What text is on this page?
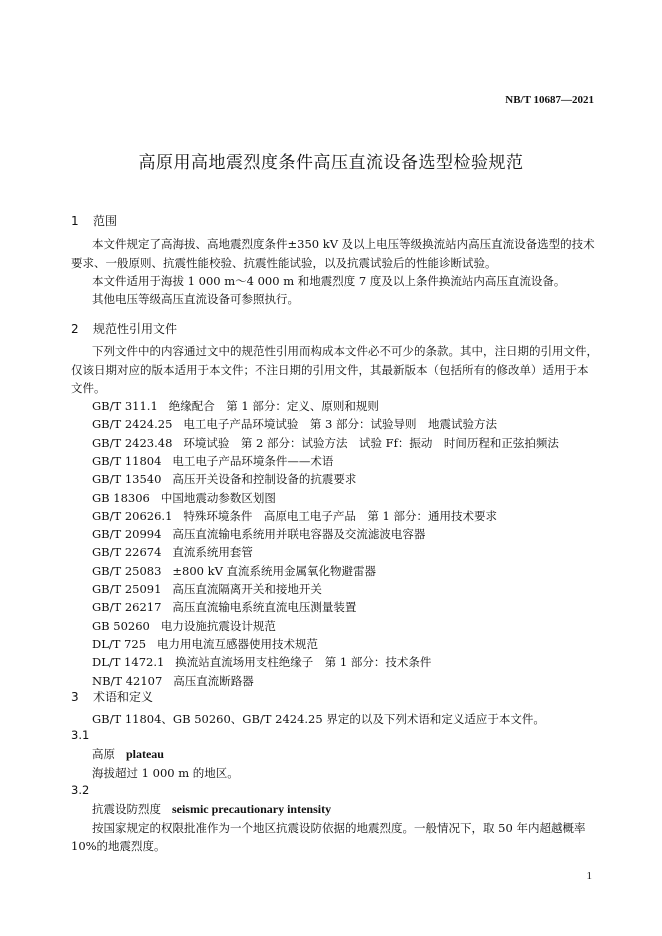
NB/T 10687—2021
高原用高地震烈度条件高压直流设备选型检验规范
1 范围
本文件规定了高海拔、高地震烈度条件±350 kV 及以上电压等级换流站内高压直流设备选型的技术
要求、一般原则、抗震性能校验、抗震性能试验，以及抗震试验后的性能诊断试验。
本文件适用于海拔 1 000 m～4 000 m 和地震烈度 7 度及以上条件换流站内高压直流设备。
其他电压等级高压直流设备可参照执行。
2 规范性引用文件
下列文件中的内容通过文中的规范性引用而构成本文件必不可少的条款。其中，注日期的引用文件，
仅该日期对应的版本适用于本文件；不注日期的引用文件，其最新版本（包括所有的修改单）适用于本
文件。
GB/T 311.1 绝缘配合　第 1 部分：定义、原则和规则
GB/T 2424.25 电工电子产品环境试验　第 3 部分：试验导则　地震试验方法
GB/T 2423.48 环境试验　第 2 部分：试验方法　试验 Ff：振动　时间历程和正弦拍频法
GB/T 11804 电工电子产品环境条件——术语
GB/T 13540 高压开关设备和控制设备的抗震要求
GB 18306 中国地震动参数区划图
GB/T 20626.1 特殊环境条件　高原电工电子产品　第 1 部分：通用技术要求
GB/T 20994 高压直流输电系统用并联电容器及交流滤波电容器
GB/T 22674 直流系统用套管
GB/T 25083 ±800 kV 直流系统用金属氧化物避雷器
GB/T 25091 高压直流隔离开关和接地开关
GB/T 26217 高压直流输电系统直流电压测量装置
GB 50260 电力设施抗震设计规范
DL/T 725 电力用电流互感器使用技术规范
DL/T 1472.1 换流站直流场用支柱绝缘子　第 1 部分：技术条件
NB/T 42107 高压直流断路器
3 术语和定义
GB/T 11804、GB 50260、GB/T 2424.25 界定的以及下列术语和定义适应于本文件。
3.1
高原 plateau
海拔超过 1 000 m 的地区。
3.2
抗震设防烈度 seismic precautionary intensity
按国家规定的权限批准作为一个地区抗震设防依据的地震烈度。一般情况下，取 50 年内超越概率
10%的地震烈度。
1
